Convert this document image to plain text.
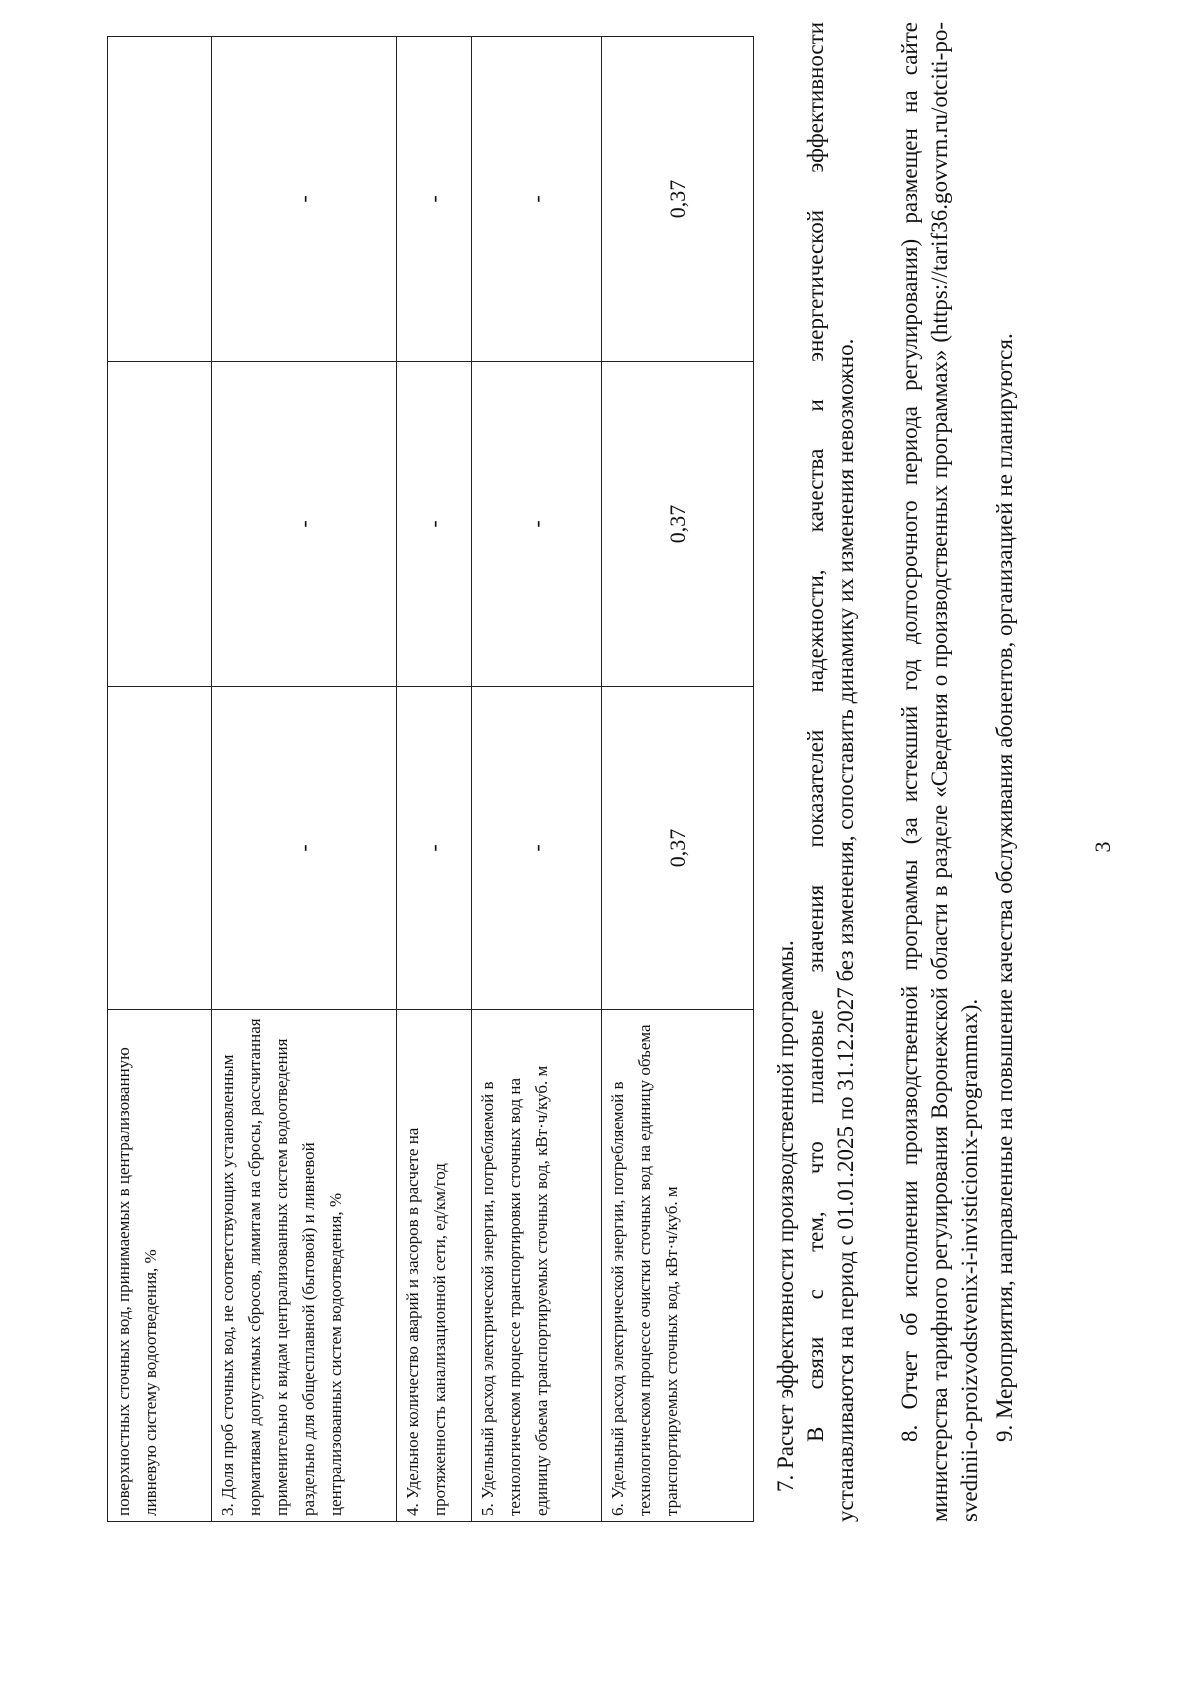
3
поверхностных сточных вод, принимаемых в централизованную ливневую систему водоотведения, %			
3. Доля проб сточных вод, не соответствующих установленным нормативам допустимых сбросов, лимитам на сбросы, рассчитанная применительно к видам централизованных систем водоотведения раздельно для общесплавной (бытовой) и ливневой централизованных систем водоотведения, %	-	-	-
4. Удельное количество аварий и засоров в расчете на протяженность канализационной сети, ед/км/год	-	-	-
5. Удельный расход электрической энергии, потребляемой в технологическом процессе транспортировки сточных вод на единицу объема транспортируемых сточных вод, кВт·ч/куб. м	-	-	-
6. Удельный расход электрической энергии, потребляемой в технологическом процессе очистки сточных вод на единицу объема транспортируемых сточных вод, кВт·ч/куб. м	0,37	0,37	0,37
7. Расчет эффективности производственной программы. В связи с тем, что плановые значения показателей надежности, качества и энергетической эффективности устанавливаются на период с 01.01.2025 по 31.12.2027 без изменения, сопоставить динамику их изменения невозможно. 8. Отчет об исполнении производственной программы (за истекший год долгосрочного периода регулирования) размещен на сайте министерства тарифного регулирования Воронежской области в разделе «Сведения о производственных программах» (https://tarif36.govvrn.ru/otciti-po-svedinii-o-proizvodstvenix-i-invisticionix-programmax). 9. Мероприятия, направленные на повышение качества обслуживания абонентов, организацией не планируются.
